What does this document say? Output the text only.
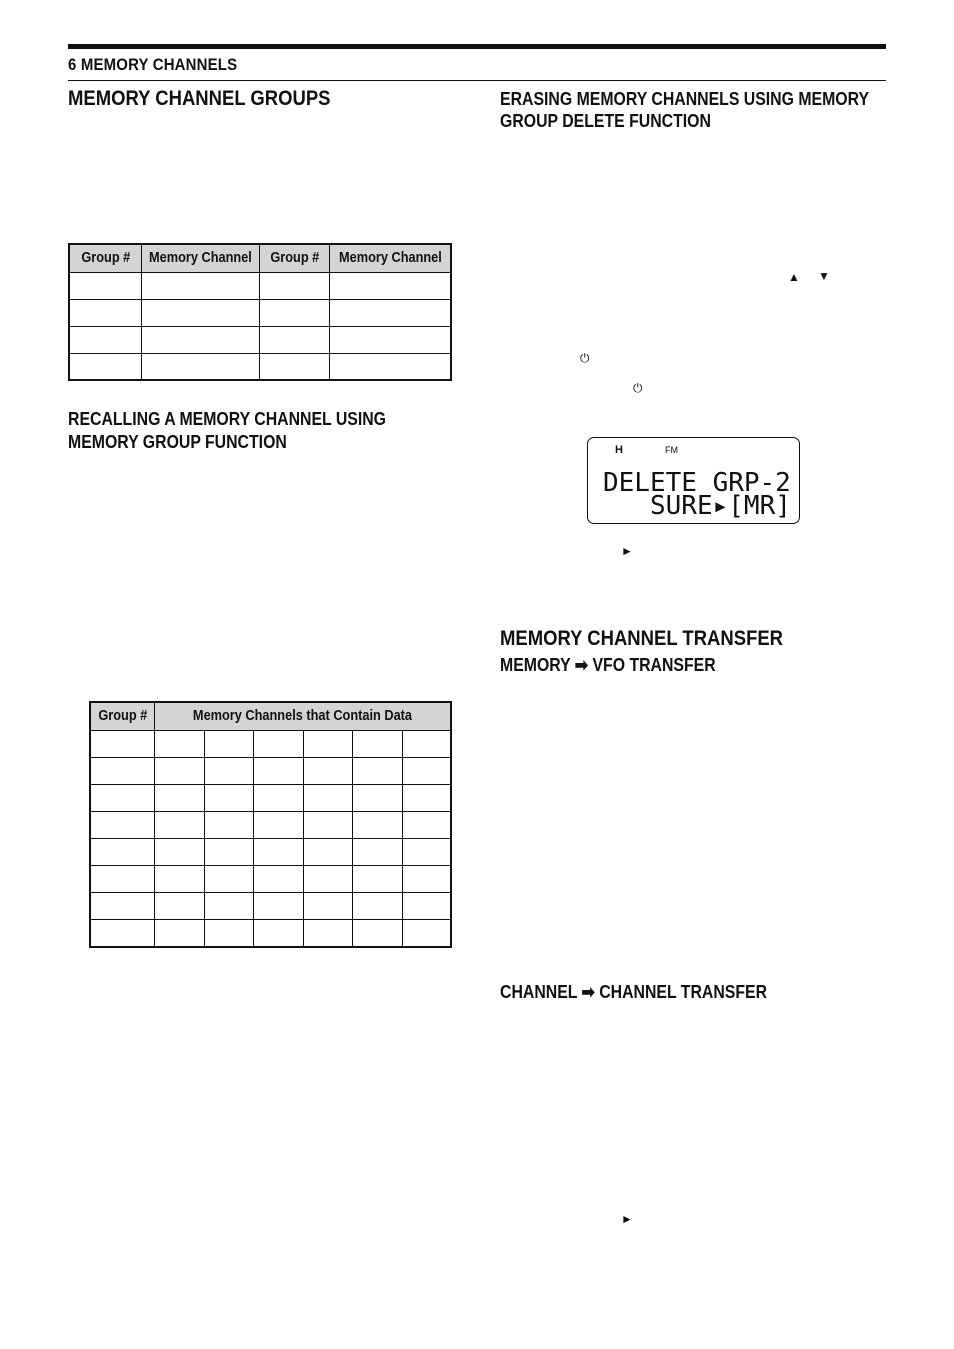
6 MEMORY CHANNELS
MEMORY CHANNEL GROUPS
Group #	Memory Channel	Group #	Memory Channel

RECALLING A MEMORY CHANNEL USING
MEMORY GROUP FUNCTION
Group #	Memory Channels that Contain Data					

ERASING MEMORY CHANNELS USING MEMORY
GROUP DELETE FUNCTION
▲ ▼
⏻
⏻
H	FM
DELETE GRP-2
SURE▸[MR]
►
MEMORY CHANNEL TRANSFER
MEMORY ➡ VFO TRANSFER
CHANNEL ➡ CHANNEL TRANSFER
►
